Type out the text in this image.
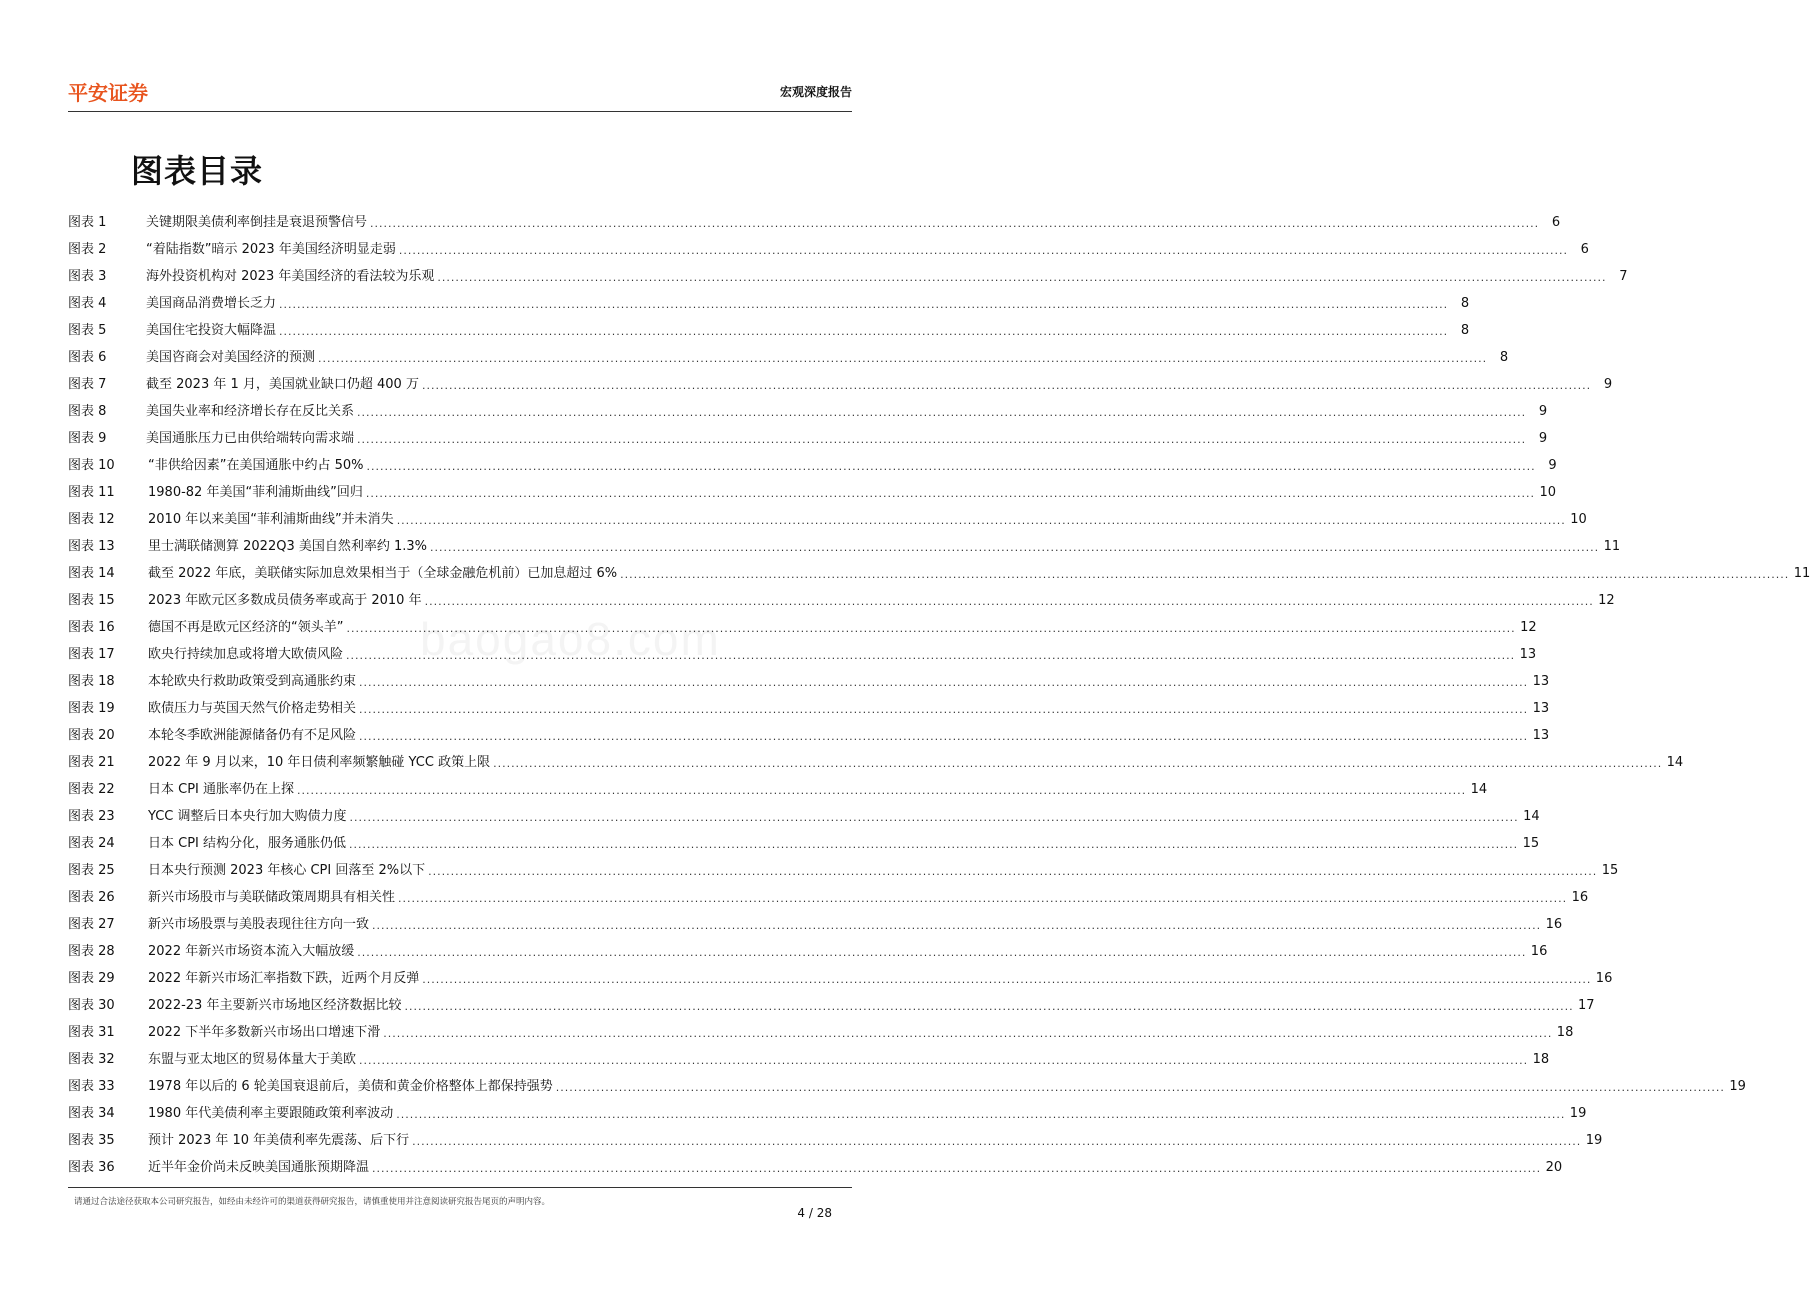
平安证券	宏观深度报告
图表目录
baogao8.com
图表 1	关键期限美债利率倒挂是衰退预警信号 .................................................................................................................................................................................................................................................................... 6
图表 2	“着陆指数”暗示 2023 年美国经济明显走弱 .................................................................................................................................................................................................................................................................... 6
图表 3	海外投资机构对 2023 年美国经济的看法较为乐观 .................................................................................................................................................................................................................................................................... 7
图表 4	美国商品消费增长乏力 .................................................................................................................................................................................................................................................................... 8
图表 5	美国住宅投资大幅降温 .................................................................................................................................................................................................................................................................... 8
图表 6	美国咨商会对美国经济的预测 .................................................................................................................................................................................................................................................................... 8
图表 7	截至 2023 年 1 月，美国就业缺口仍超 400 万 .................................................................................................................................................................................................................................................................... 9
图表 8	美国失业率和经济增长存在反比关系 .................................................................................................................................................................................................................................................................... 9
图表 9	美国通胀压力已由供给端转向需求端 .................................................................................................................................................................................................................................................................... 9
图表 10	“非供给因素”在美国通胀中约占 50% .................................................................................................................................................................................................................................................................... 9
图表 11	1980-82 年美国“菲利浦斯曲线”回归 .................................................................................................................................................................................................................................................................... 10
图表 12	2010 年以来美国“菲利浦斯曲线”并未消失 .................................................................................................................................................................................................................................................................... 10
图表 13	里士满联储测算 2022Q3 美国自然利率约 1.3% .................................................................................................................................................................................................................................................................... 11
图表 14	截至 2022 年底，美联储实际加息效果相当于（全球金融危机前）已加息超过 6% .................................................................................................................................................................................................................................................................... 11
图表 15	2023 年欧元区多数成员债务率或高于 2010 年 .................................................................................................................................................................................................................................................................... 12
图表 16	德国不再是欧元区经济的“领头羊” .................................................................................................................................................................................................................................................................... 12
图表 17	欧央行持续加息或将增大欧债风险 .................................................................................................................................................................................................................................................................... 13
图表 18	本轮欧央行救助政策受到高通胀约束 .................................................................................................................................................................................................................................................................... 13
图表 19	欧债压力与英国天然气价格走势相关 .................................................................................................................................................................................................................................................................... 13
图表 20	本轮冬季欧洲能源储备仍有不足风险 .................................................................................................................................................................................................................................................................... 13
图表 21	2022 年 9 月以来，10 年日债利率频繁触碰 YCC 政策上限 .................................................................................................................................................................................................................................................................... 14
图表 22	日本 CPI 通胀率仍在上探 .................................................................................................................................................................................................................................................................... 14
图表 23	YCC 调整后日本央行加大购债力度 .................................................................................................................................................................................................................................................................... 14
图表 24	日本 CPI 结构分化，服务通胀仍低 .................................................................................................................................................................................................................................................................... 15
图表 25	日本央行预测 2023 年核心 CPI 回落至 2%以下 .................................................................................................................................................................................................................................................................... 15
图表 26	新兴市场股市与美联储政策周期具有相关性 .................................................................................................................................................................................................................................................................... 16
图表 27	新兴市场股票与美股表现往往方向一致 .................................................................................................................................................................................................................................................................... 16
图表 28	2022 年新兴市场资本流入大幅放缓 .................................................................................................................................................................................................................................................................... 16
图表 29	2022 年新兴市场汇率指数下跌，近两个月反弹 .................................................................................................................................................................................................................................................................... 16
图表 30	2022-23 年主要新兴市场地区经济数据比较 .................................................................................................................................................................................................................................................................... 17
图表 31	2022 下半年多数新兴市场出口增速下滑 .................................................................................................................................................................................................................................................................... 18
图表 32	东盟与亚太地区的贸易体量大于美欧 .................................................................................................................................................................................................................................................................... 18
图表 33	1978 年以后的 6 轮美国衰退前后，美债和黄金价格整体上都保持强势 .................................................................................................................................................................................................................................................................... 19
图表 34	1980 年代美债利率主要跟随政策利率波动 .................................................................................................................................................................................................................................................................... 19
图表 35	预计 2023 年 10 年美债利率先震荡、后下行 .................................................................................................................................................................................................................................................................... 19
图表 36	近半年金价尚未反映美国通胀预期降温 .................................................................................................................................................................................................................................................................... 20
请通过合法途径获取本公司研究报告，如经由未经许可的渠道获得研究报告，请慎重使用并注意阅读研究报告尾页的声明内容。
4 / 28
